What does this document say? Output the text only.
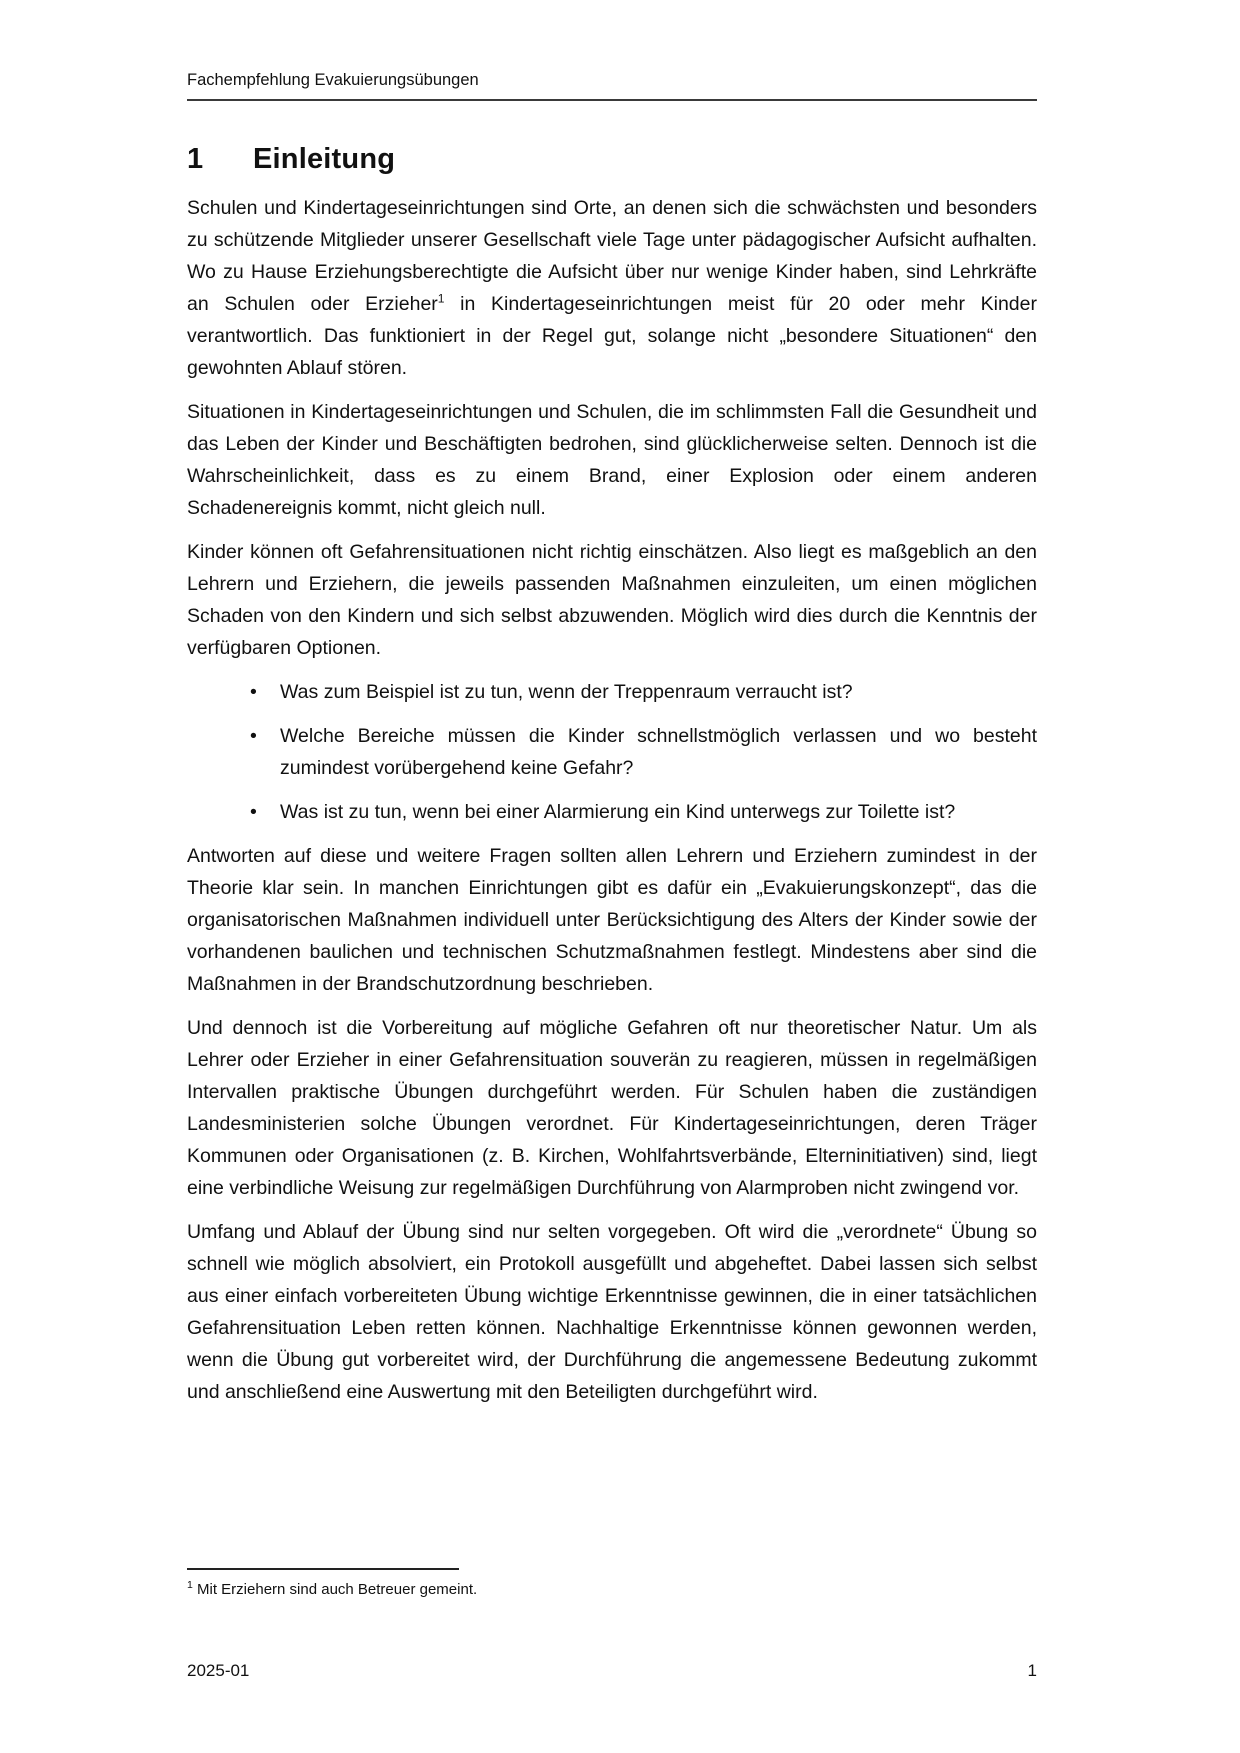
Fachempfehlung Evakuierungsübungen
1 Einleitung

Schulen und Kindertageseinrichtungen sind Orte, an denen sich die schwächsten und besonders zu schützende Mitglieder unserer Gesellschaft viele Tage unter pädagogischer Aufsicht aufhalten. Wo zu Hause Erziehungsberechtigte die Aufsicht über nur wenige Kinder haben, sind Lehrkräfte an Schulen oder Erzieher$^1$ in Kindertageseinrichtungen meist für 20 oder mehr Kinder verantwortlich. Das funktioniert in der Regel gut, solange nicht „besondere Situationen“ den gewohnten Ablauf stören.

Situationen in Kindertageseinrichtungen und Schulen, die im schlimmsten Fall die Gesundheit und das Leben der Kinder und Beschäftigten bedrohen, sind glücklicherweise selten. Dennoch ist die Wahrscheinlichkeit, dass es zu einem Brand, einer Explosion oder einem anderen Schadenereignis kommt, nicht gleich null.

Kinder können oft Gefahrensituationen nicht richtig einschätzen. Also liegt es maßgeblich an den Lehrern und Erziehern, die jeweils passenden Maßnahmen einzuleiten, um einen möglichen Schaden von den Kindern und sich selbst abzuwenden. Möglich wird dies durch die Kenntnis der verfügbaren Optionen.

• Was zum Beispiel ist zu tun, wenn der Treppenraum verraucht ist?
• Welche Bereiche müssen die Kinder schnellstmöglich verlassen und wo besteht zumindest vorübergehend keine Gefahr?
• Was ist zu tun, wenn bei einer Alarmierung ein Kind unterwegs zur Toilette ist?

Antworten auf diese und weitere Fragen sollten allen Lehrern und Erziehern zumindest in der Theorie klar sein. In manchen Einrichtungen gibt es dafür ein „Evakuierungskonzept“, das die organisatorischen Maßnahmen individuell unter Berücksichtigung des Alters der Kinder sowie der vorhandenen baulichen und technischen Schutzmaßnahmen festlegt. Mindestens aber sind die Maßnahmen in der Brandschutzordnung beschrieben.

Und dennoch ist die Vorbereitung auf mögliche Gefahren oft nur theoretischer Natur. Um als Lehrer oder Erzieher in einer Gefahrensituation souverän zu reagieren, müssen in regelmäßigen Intervallen praktische Übungen durchgeführt werden. Für Schulen haben die zuständigen Landesministerien solche Übungen verordnet. Für Kindertageseinrichtungen, deren Träger Kommunen oder Organisationen (z. B. Kirchen, Wohlfahrtsverbände, Elterninitiativen) sind, liegt eine verbindliche Weisung zur regelmäßigen Durchführung von Alarmproben nicht zwingend vor.

Umfang und Ablauf der Übung sind nur selten vorgegeben. Oft wird die „verordnete“ Übung so schnell wie möglich absolviert, ein Protokoll ausgefüllt und abgeheftet. Dabei lassen sich selbst aus einer einfach vorbereiteten Übung wichtige Erkenntnisse gewinnen, die in einer tatsächlichen Gefahrensituation Leben retten können. Nachhaltige Erkenntnisse können gewonnen werden, wenn die Übung gut vorbereitet wird, der Durchführung die angemessene Bedeutung zukommt und anschließend eine Auswertung mit den Beteiligten durchgeführt wird.

$^1$ Mit Erziehern sind auch Betreuer gemeint.
2025-01	1
